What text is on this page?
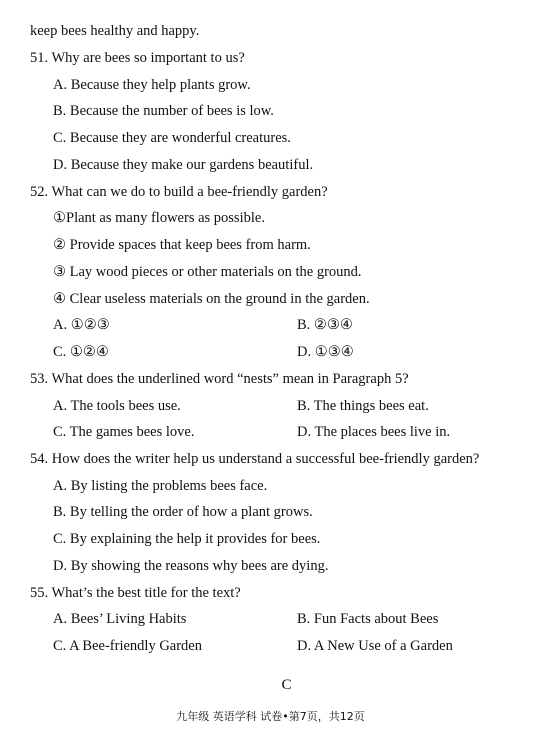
keep bees healthy and happy.
51. Why are bees so important to us?
A. Because they help plants grow.
B. Because the number of bees is low.
C. Because they are wonderful creatures.
D. Because they make our gardens beautiful.
52. What can we do to build a bee-friendly garden?
①Plant as many flowers as possible.
② Provide spaces that keep bees from harm.
③ Lay wood pieces or other materials on the ground.
④ Clear useless materials on the ground in the garden.
A. ①②③	B. ②③④
C. ①②④	D. ①③④
53. What does the underlined word “nests” mean in Paragraph 5?
A. The tools bees use.	B. The things bees eat.
C. The games bees love.	D. The places bees live in.
54. How does the writer help us understand a successful bee-friendly garden?
A. By listing the problems bees face.
B. By telling the order of how a plant grows.
C. By explaining the help it provides for bees.
D. By showing the reasons why bees are dying.
55. What’s the best title for the text?
A. Bees’ Living Habits	B. Fun Facts about Bees
C. A Bee-friendly Garden	D. A New Use of a Garden
C
九年级 英语学科 试卷•第7页，共12页
